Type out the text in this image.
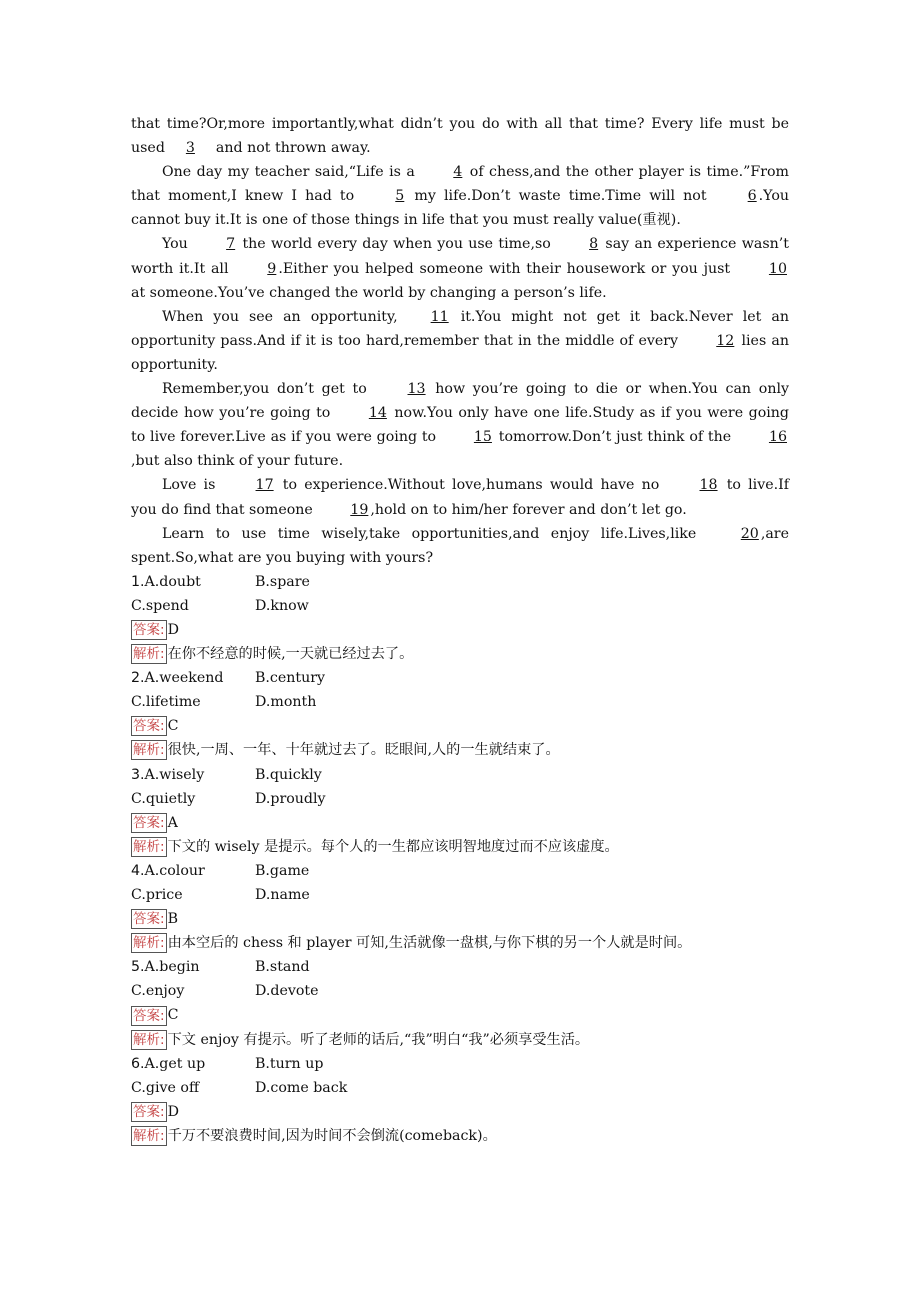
that time?Or,more importantly,what didn’t you do with all that time? Every life must be used 3 and not thrown away.

One day my teacher said,“Life is a 4 of chess,and the other player is time.”From that moment,I knew I had to 5 my life.Don’t waste time.Time will not 6 .You cannot buy it.It is one of those things in life that you must really value(重视).

You 7 the world every day when you use time,so 8 say an experience wasn’t worth it.It all 9 .Either you helped someone with their housework or you just 10 at someone.You’ve changed the world by changing a person’s life.

When you see an opportunity, 11 it.You might not get it back.Never let an opportunity pass.And if it is too hard,remember that in the middle of every 12 lies an opportunity.

Remember,you don’t get to 13 how you’re going to die or when.You can only decide how you’re going to 14 now.You only have one life.Study as if you were going to live forever.Live as if you were going to 15 tomorrow.Don’t just think of the 16,but also think of your future.

Love is 17 to experience.Without love,humans would have no 18 to live.If you do find that someone 19 ,hold on to him/her forever and don’t let go.

Learn to use time wisely,take opportunities,and enjoy life.Lives,like 20 ,are spent.So,what are you buying with yours?

1.A.doubt	B.spare
C.spend	D.know
答案: D
解析: 在你不经意的时候,一天就已经过去了。
2.A.weekend	B.century
C.lifetime	D.month
答案: C
解析: 很快,一周、一年、十年就过去了。眨眼间,人的一生就结束了。
3.A.wisely	B.quickly
C.quietly	D.proudly
答案: A
解析: 下文的 wisely 是提示。每个人的一生都应该明智地度过而不应该虚度。
4.A.colour	B.game
C.price	D.name
答案: B
解析: 由本空后的 chess 和 player 可知,生活就像一盘棋,与你下棋的另一个人就是时间。
5.A.begin	B.stand
C.enjoy	D.devote
答案: C
解析: 下文 enjoy 有提示。听了老师的话后,“我”明白“我”必须享受生活。
6.A.get up	B.turn up
C.give off	D.come back
答案: D
解析: 千万不要浪费时间,因为时间不会倒流(comeback)。
